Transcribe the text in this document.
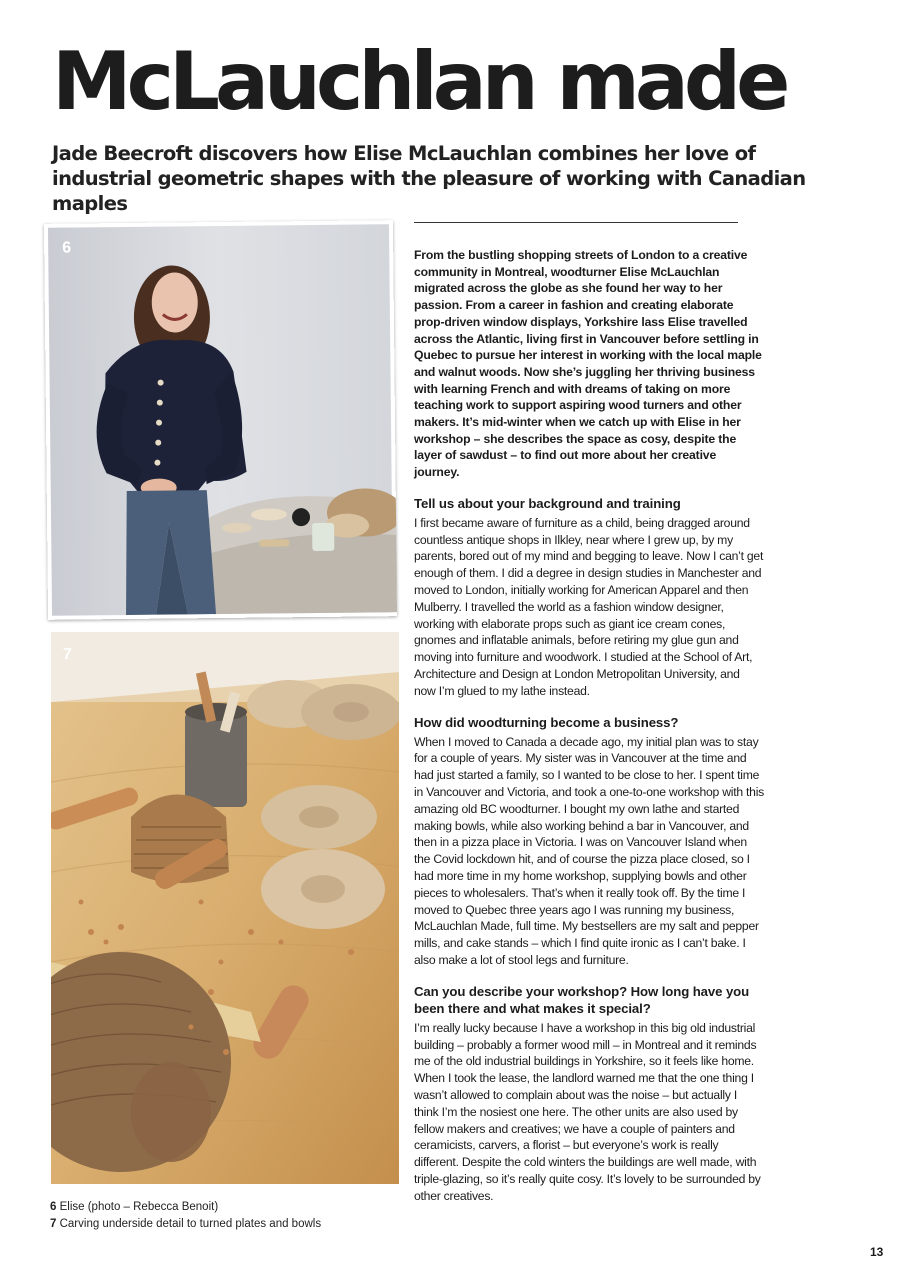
McLauchlan made
Jade Beecroft discovers how Elise McLauchlan combines her love of industrial geometric shapes with the pleasure of working with Canadian maples
6
7
6 Elise (photo – Rebecca Benoit)
7 Carving underside detail to turned plates and bowls

From the bustling shopping streets of London to a creative community in Montreal, woodturner Elise McLauchlan migrated across the globe as she found her way to her passion. From a career in fashion and creating elaborate prop-driven window displays, Yorkshire lass Elise travelled across the Atlantic, living first in Vancouver before settling in Quebec to pursue her interest in working with the local maple and walnut woods. Now she’s juggling her thriving business with learning French and with dreams of taking on more teaching work to support aspiring wood turners and other makers. It’s mid-winter when we catch up with Elise in her workshop – she describes the space as cosy, despite the layer of sawdust – to find out more about her creative journey.

Tell us about your background and training

I first became aware of furniture as a child, being dragged around countless antique shops in Ilkley, near where I grew up, by my parents, bored out of my mind and begging to leave. Now I can’t get enough of them. I did a degree in design studies in Manchester and moved to London, initially working for American Apparel and then Mulberry. I travelled the world as a fashion window designer, working with elaborate props such as giant ice cream cones, gnomes and inflatable animals, before retiring my glue gun and moving into furniture and woodwork. I studied at the School of Art, Architecture and Design at London Metropolitan University, and now I’m glued to my lathe instead.

How did woodturning become a business?

When I moved to Canada a decade ago, my initial plan was to stay for a couple of years. My sister was in Vancouver at the time and had just started a family, so I wanted to be close to her. I spent time in Vancouver and Victoria, and took a one-to-one workshop with this amazing old BC woodturner. I bought my own lathe and started making bowls, while also working behind a bar in Vancouver, and then in a pizza place in Victoria. I was on Vancouver Island when the Covid lockdown hit, and of course the pizza place closed, so I had more time in my home workshop, supplying bowls and other pieces to wholesalers. That’s when it really took off. By the time I moved to Quebec three years ago I was running my business, McLauchlan Made, full time. My bestsellers are my salt and pepper mills, and cake stands – which I find quite ironic as I can’t bake. I also make a lot of stool legs and furniture.

Can you describe your workshop? How long have you been there and what makes it special?

I’m really lucky because I have a workshop in this big old industrial building – probably a former wood mill – in Montreal and it reminds me of the old industrial buildings in Yorkshire, so it feels like home. When I took the lease, the landlord warned me that the one thing I wasn’t allowed to complain about was the noise – but actually I think I’m the nosiest one here. The other units are also used by fellow makers and creatives; we have a couple of painters and ceramicists, carvers, a florist – but everyone’s work is really different. Despite the cold winters the buildings are well made, with triple-glazing, so it’s really quite cosy. It’s lovely to be surrounded by other creatives.

13
